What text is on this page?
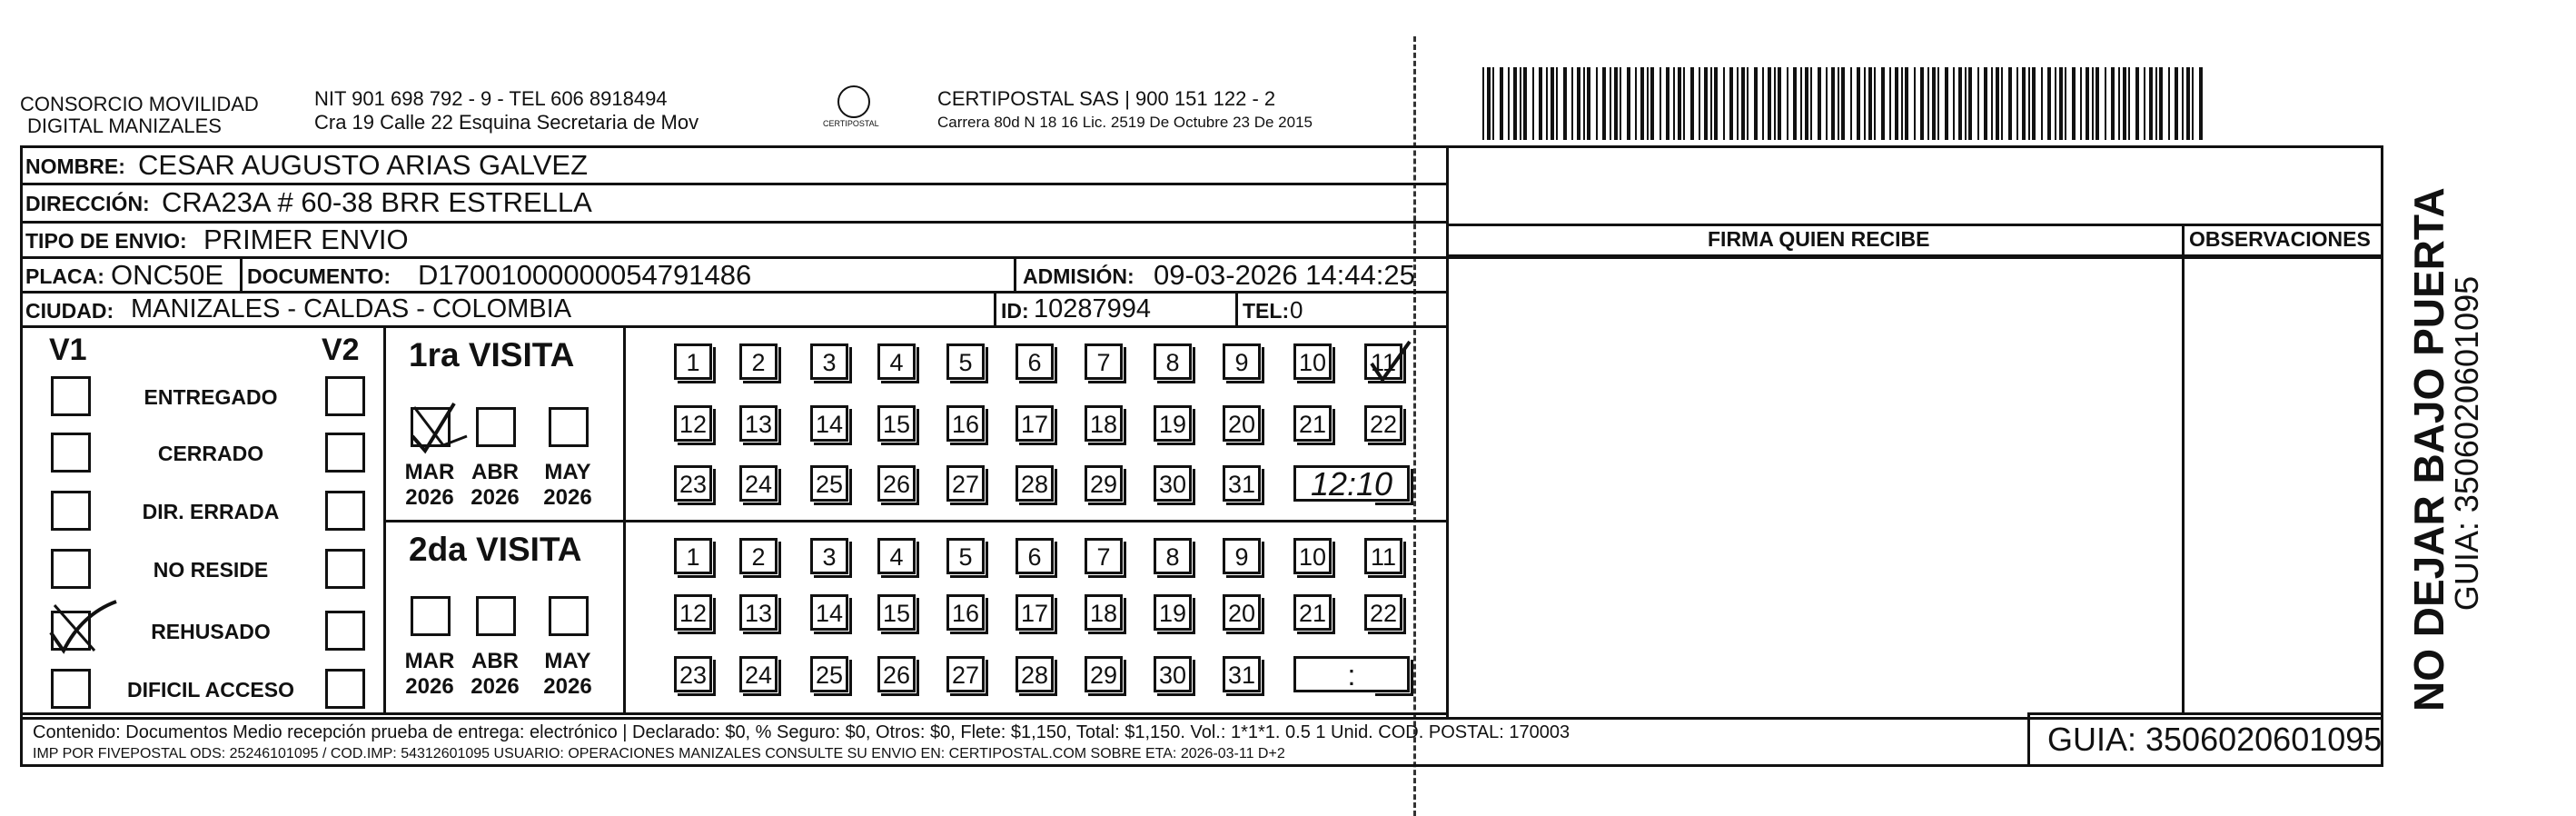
CONSORCIO MOVILIDAD
DIGITAL MANIZALES
NIT 901 698 792 - 9 - TEL 606 8918494
Cra 19 Calle 22 Esquina Secretaria de Mov	CERTIPOSTAL
CERTIPOSTAL SAS | 900 151 122 - 2
Carrera 80d N 18 16 Lic. 2519 De Octubre 23 De 2015
NOMBRE: CESAR AUGUSTO ARIAS GALVEZ
DIRECCIÓN: CRA23A # 60-38 BRR ESTRELLA
TIPO DE ENVIO: PRIMER ENVIO
PLACA: ONC50E DOCUMENTO: D17001000000054791486	ADMISIÓN: 09-03-2026 14:44:25
CIUDAD: MANIZALES - CALDAS - COLOMBIA	ID: 10287994	TEL: 0
V1	V2
ENTREGADO
CERRADO
DIR. ERRADA
NO RESIDE
REHUSADO
DIFICIL ACCESO
1ra VISITA
MAR
2026
ABR
2026
MAY
2026
1	2	3	4	5	6	7	8	9	10 11
12 13 14 15 16 17 18 19 20 21 22
23 24 25 26 27 28 29 30 31	12:10
2da VISITA
MAR
2026
ABR
2026
MAY
2026
1	2	3	4	5	6	7	8	9	10 11
12 13 14 15 16 17 18 19 20 21 22
23 24 25 26 27 28 29 30 31	:
FIRMA QUIEN RECIBE	OBSERVACIONES
Contenido: Documentos Medio recepción prueba de entrega: electrónico | Declarado: $0, % Seguro: $0, Otros: $0, Flete: $1,150, Total: $1,150. Vol.: 1*1*1. 0.5 1 Unid. COD. POSTAL: 170003
IMP POR FIVEPOSTAL ODS: 25246101095 / COD.IMP: 54312601095 USUARIO: OPERACIONES MANIZALES CONSULTE SU ENVIO EN: CERTIPOSTAL.COM SOBRE ETA: 2026-03-11 D+2	GUIA: 3506020601095
NO DEJAR BAJO PUERTA
GUIA: 3506020601095
